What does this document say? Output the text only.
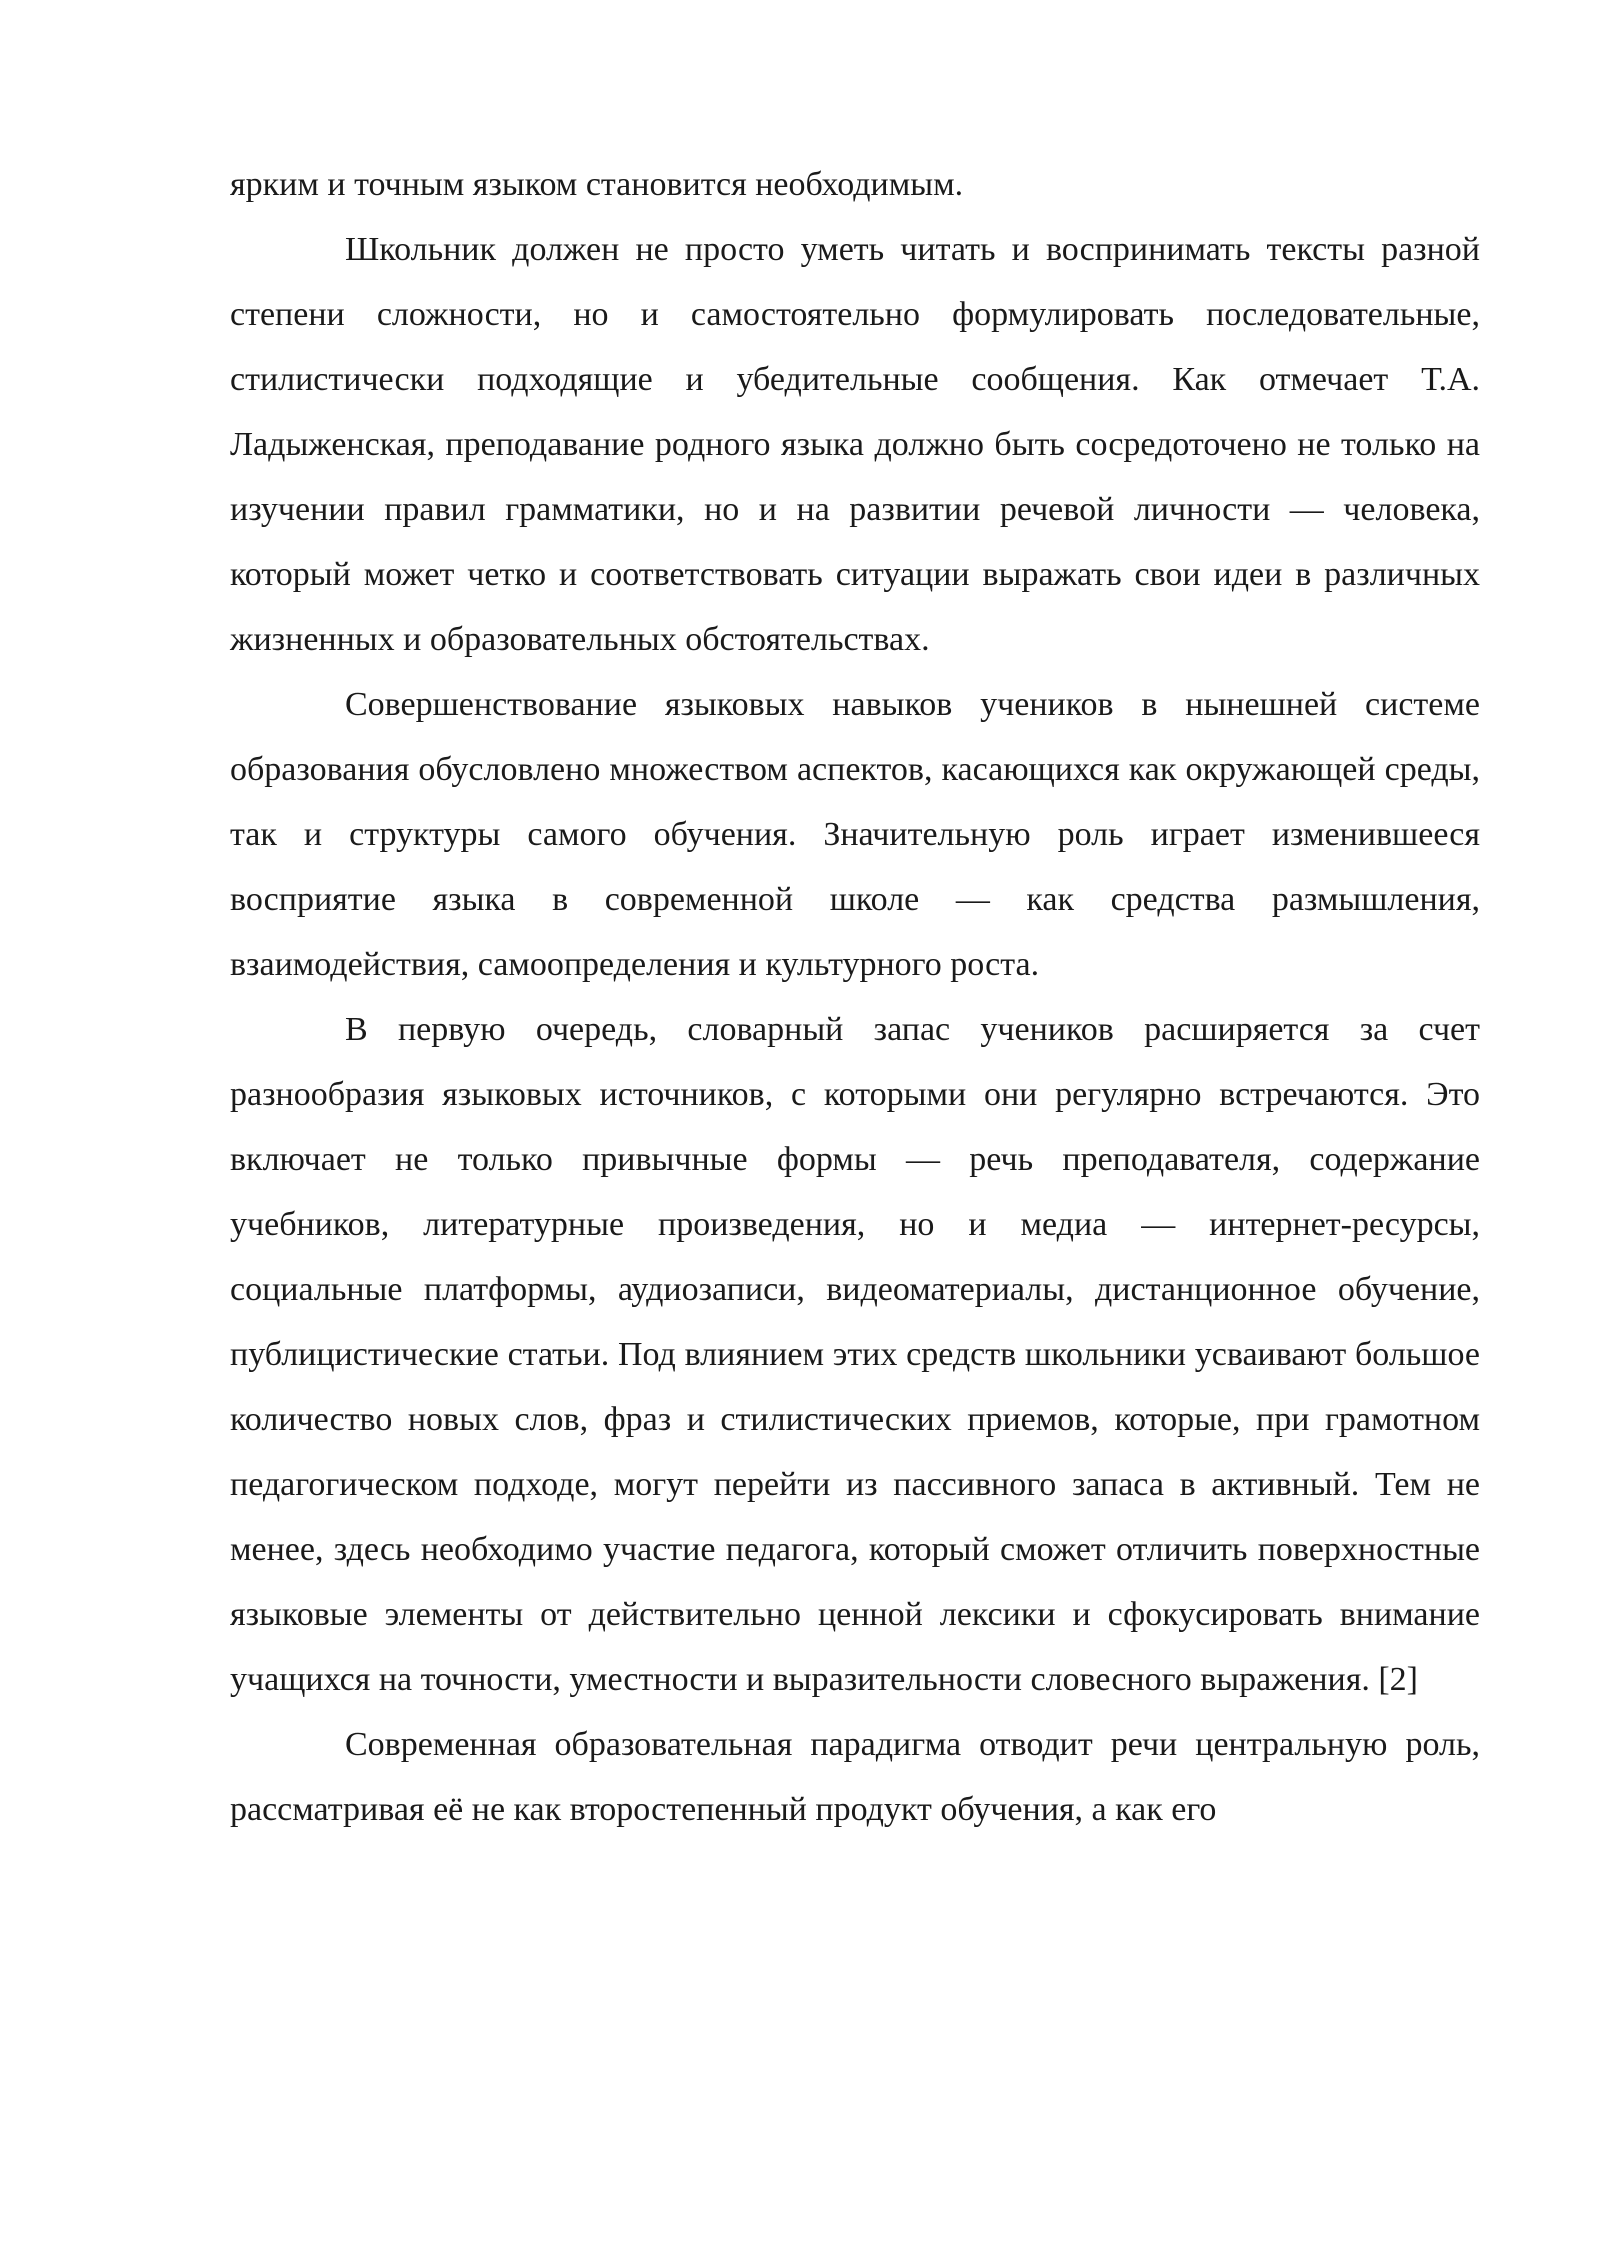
ярким и точным языком становится необходимым.

Школьник должен не просто уметь читать и воспринимать тексты разной степени сложности, но и самостоятельно формулировать последовательные, стилистически подходящие и убедительные сообщения. Как отмечает Т.А. Ладыженская, преподавание родного языка должно быть сосредоточено не только на изучении правил грамматики, но и на развитии речевой личности — человека, который может четко и соответствовать ситуации выражать свои идеи в различных жизненных и образовательных обстоятельствах.

Совершенствование языковых навыков учеников в нынешней системе образования обусловлено множеством аспектов, касающихся как окружающей среды, так и структуры самого обучения. Значительную роль играет изменившееся восприятие языка в современной школе — как средства размышления, взаимодействия, самоопределения и культурного роста.

В первую очередь, словарный запас учеников расширяется за счет разнообразия языковых источников, с которыми они регулярно встречаются. Это включает не только привычные формы — речь преподавателя, содержание учебников, литературные произведения, но и медиа — интернет-ресурсы, социальные платформы, аудиозаписи, видеоматериалы, дистанционное обучение, публицистические статьи. Под влиянием этих средств школьники усваивают большое количество новых слов, фраз и стилистических приемов, которые, при грамотном педагогическом подходе, могут перейти из пассивного запаса в активный. Тем не менее, здесь необходимо участие педагога, который сможет отличить поверхностные языковые элементы от действительно ценной лексики и сфокусировать внимание учащихся на точности, уместности и выразительности словесного выражения. [2]

Современная образовательная парадигма отводит речи центральную роль, рассматривая её не как второстепенный продукт обучения, а как его
